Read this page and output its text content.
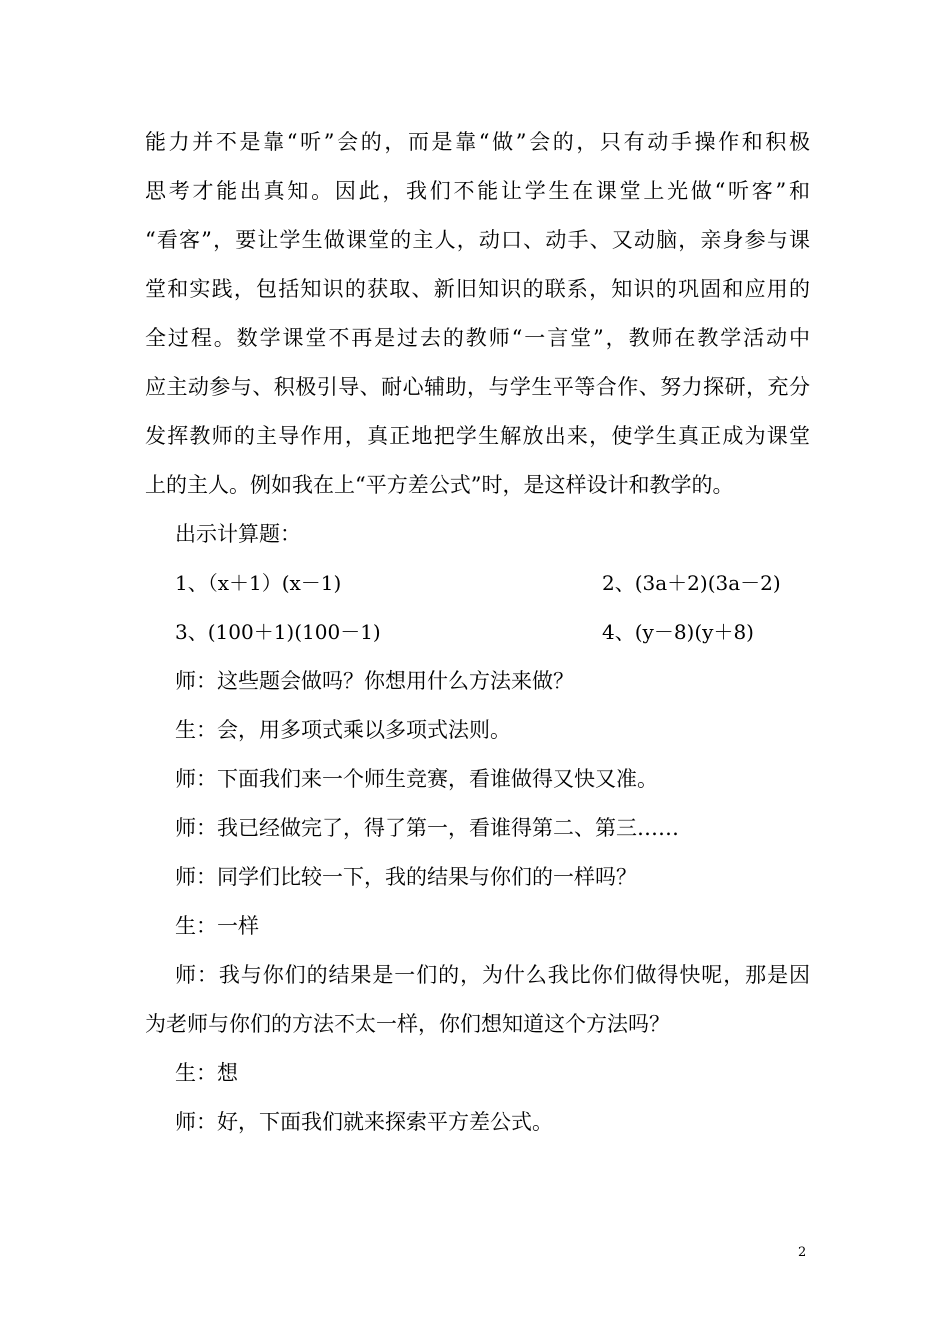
能力并不是靠“听”会的，而是靠“做”会的，只有动手操作和积极
思考才能出真知。因此，我们不能让学生在课堂上光做“听客”和
“看客”，要让学生做课堂的主人，动口、动手、又动脑，亲身参与课
堂和实践，包括知识的获取、新旧知识的联系，知识的巩固和应用的
全过程。数学课堂不再是过去的教师“一言堂”，教师在教学活动中
应主动参与、积极引导、耐心辅助，与学生平等合作、努力探研，充分
发挥教师的主导作用，真正地把学生解放出来，使学生真正成为课堂
上的主人。例如我在上“平方差公式”时，是这样设计和教学的。
出示计算题：
1、（x＋1）(x－1)	2、(3a＋2)(3a－2)
3、(100＋1)(100－1)	4、(y－8)(y＋8)
师：这些题会做吗？你想用什么方法来做？
生：会，用多项式乘以多项式法则。
师：下面我们来一个师生竞赛，看谁做得又快又准。
师：我已经做完了，得了第一，看谁得第二、第三……
师：同学们比较一下，我的结果与你们的一样吗？
生：一样
师：我与你们的结果是一们的，为什么我比你们做得快呢，那是因
为老师与你们的方法不太一样，你们想知道这个方法吗？
生：想
师：好，下面我们就来探索平方差公式。
2
